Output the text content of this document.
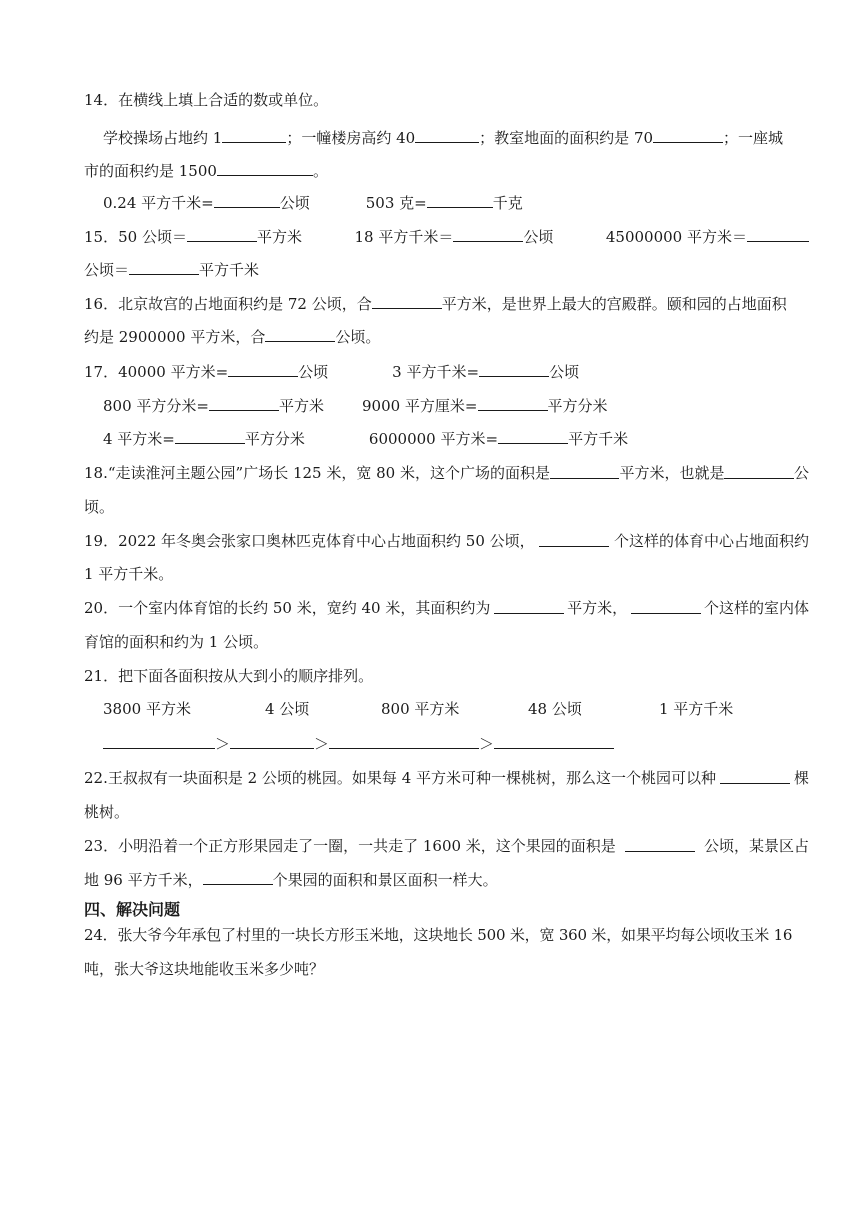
14．在横线上填上合适的数或单位。
学校操场占地约 1	；一幢楼房高约 40	；教室地面的面积约是 70	；一座城
市的面积约是 1500	。
0.24 平方千米=	公顷	503 克=	千克
15．50 公顷＝	平方米	18 平方千米＝	公顷	45000000 平方米＝
公顷＝	平方千米
16．北京故宫的占地面积约是 72 公顷，合	平方米，是世界上最大的宫殿群。颐和园的占地面积
约是 2900000 平方米，合	公顷。
17．40000 平方米=	公顷	3 平方千米=	公顷
800 平方分米=	平方米	9000 平方厘米=	平方分米
4 平方米=	平方分米	6000000 平方米=	平方千米
18.“走读淮河主题公园”广场长 125 米，宽 80 米，这个广场的面积是	平方米，也就是	公
顷。
19．2022 年冬奥会张家口奥林匹克体育中心占地面积约 50 公顷，	个这样的体育中心占地面积约
1 平方千米。
20．一个室内体育馆的长约 50 米，宽约 40 米，其面积约为	平方米，	个这样的室内体
育馆的面积和约为 1 公顷。
21．把下面各面积按从大到小的顺序排列。
3800 平方米	4 公顷	800 平方米	48 公顷	1 平方千米
＞	＞	＞
22.王叔叔有一块面积是 2 公顷的桃园。如果每 4 平方米可种一棵桃树，那么这一个桃园可以种	棵
桃树。
23．小明沿着一个正方形果园走了一圈，一共走了 1600 米，这个果园的面积是	公顷，某景区占
地 96 平方千米，	个果园的面积和景区面积一样大。
四、解决问题
24．张大爷今年承包了村里的一块长方形玉米地，这块地长 500 米，宽 360 米，如果平均每公顷收玉米 16
吨，张大爷这块地能收玉米多少吨？
